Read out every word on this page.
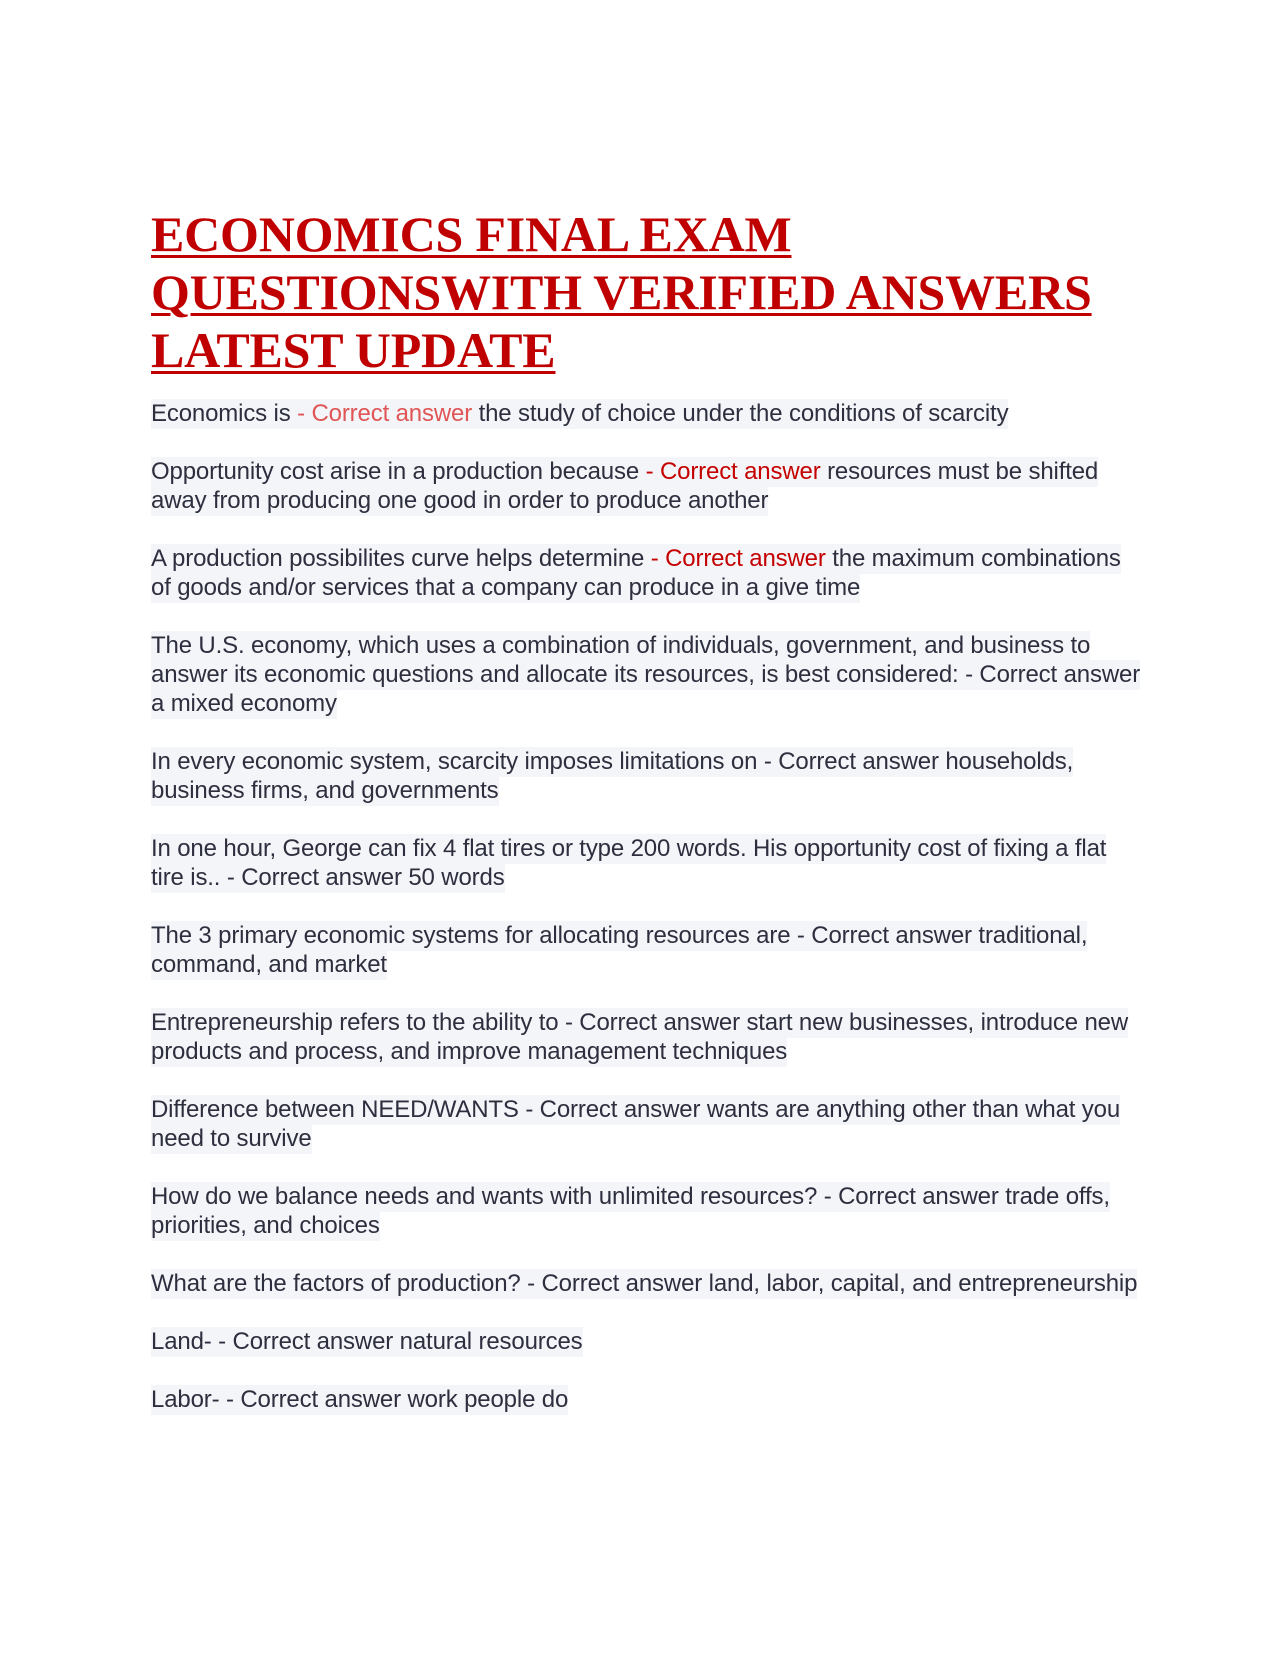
ECONOMICS FINAL EXAM
QUESTIONSWITH VERIFIED ANSWERS
LATEST UPDATE

Economics is - Correct answer the study of choice under the conditions of scarcity

Opportunity cost arise in a production because - Correct answer resources must be shifted away from producing one good in order to produce another

A production possibilites curve helps determine - Correct answer the maximum combinations of goods and/or services that a company can produce in a give time

The U.S. economy, which uses a combination of individuals, government, and business to answer its economic questions and allocate its resources, is best considered: - Correct answer a mixed economy

In every economic system, scarcity imposes limitations on - Correct answer households, business firms, and governments

In one hour, George can fix 4 flat tires or type 200 words. His opportunity cost of fixing a flat tire is.. - Correct answer 50 words

The 3 primary economic systems for allocating resources are - Correct answer traditional, command, and market

Entrepreneurship refers to the ability to - Correct answer start new businesses, introduce new products and process, and improve management techniques

Difference between NEED/WANTS - Correct answer wants are anything other than what you need to survive

How do we balance needs and wants with unlimited resources? - Correct answer trade offs, priorities, and choices

What are the factors of production? - Correct answer land, labor, capital, and entrepreneurship

Land- - Correct answer natural resources

Labor- - Correct answer work people do
